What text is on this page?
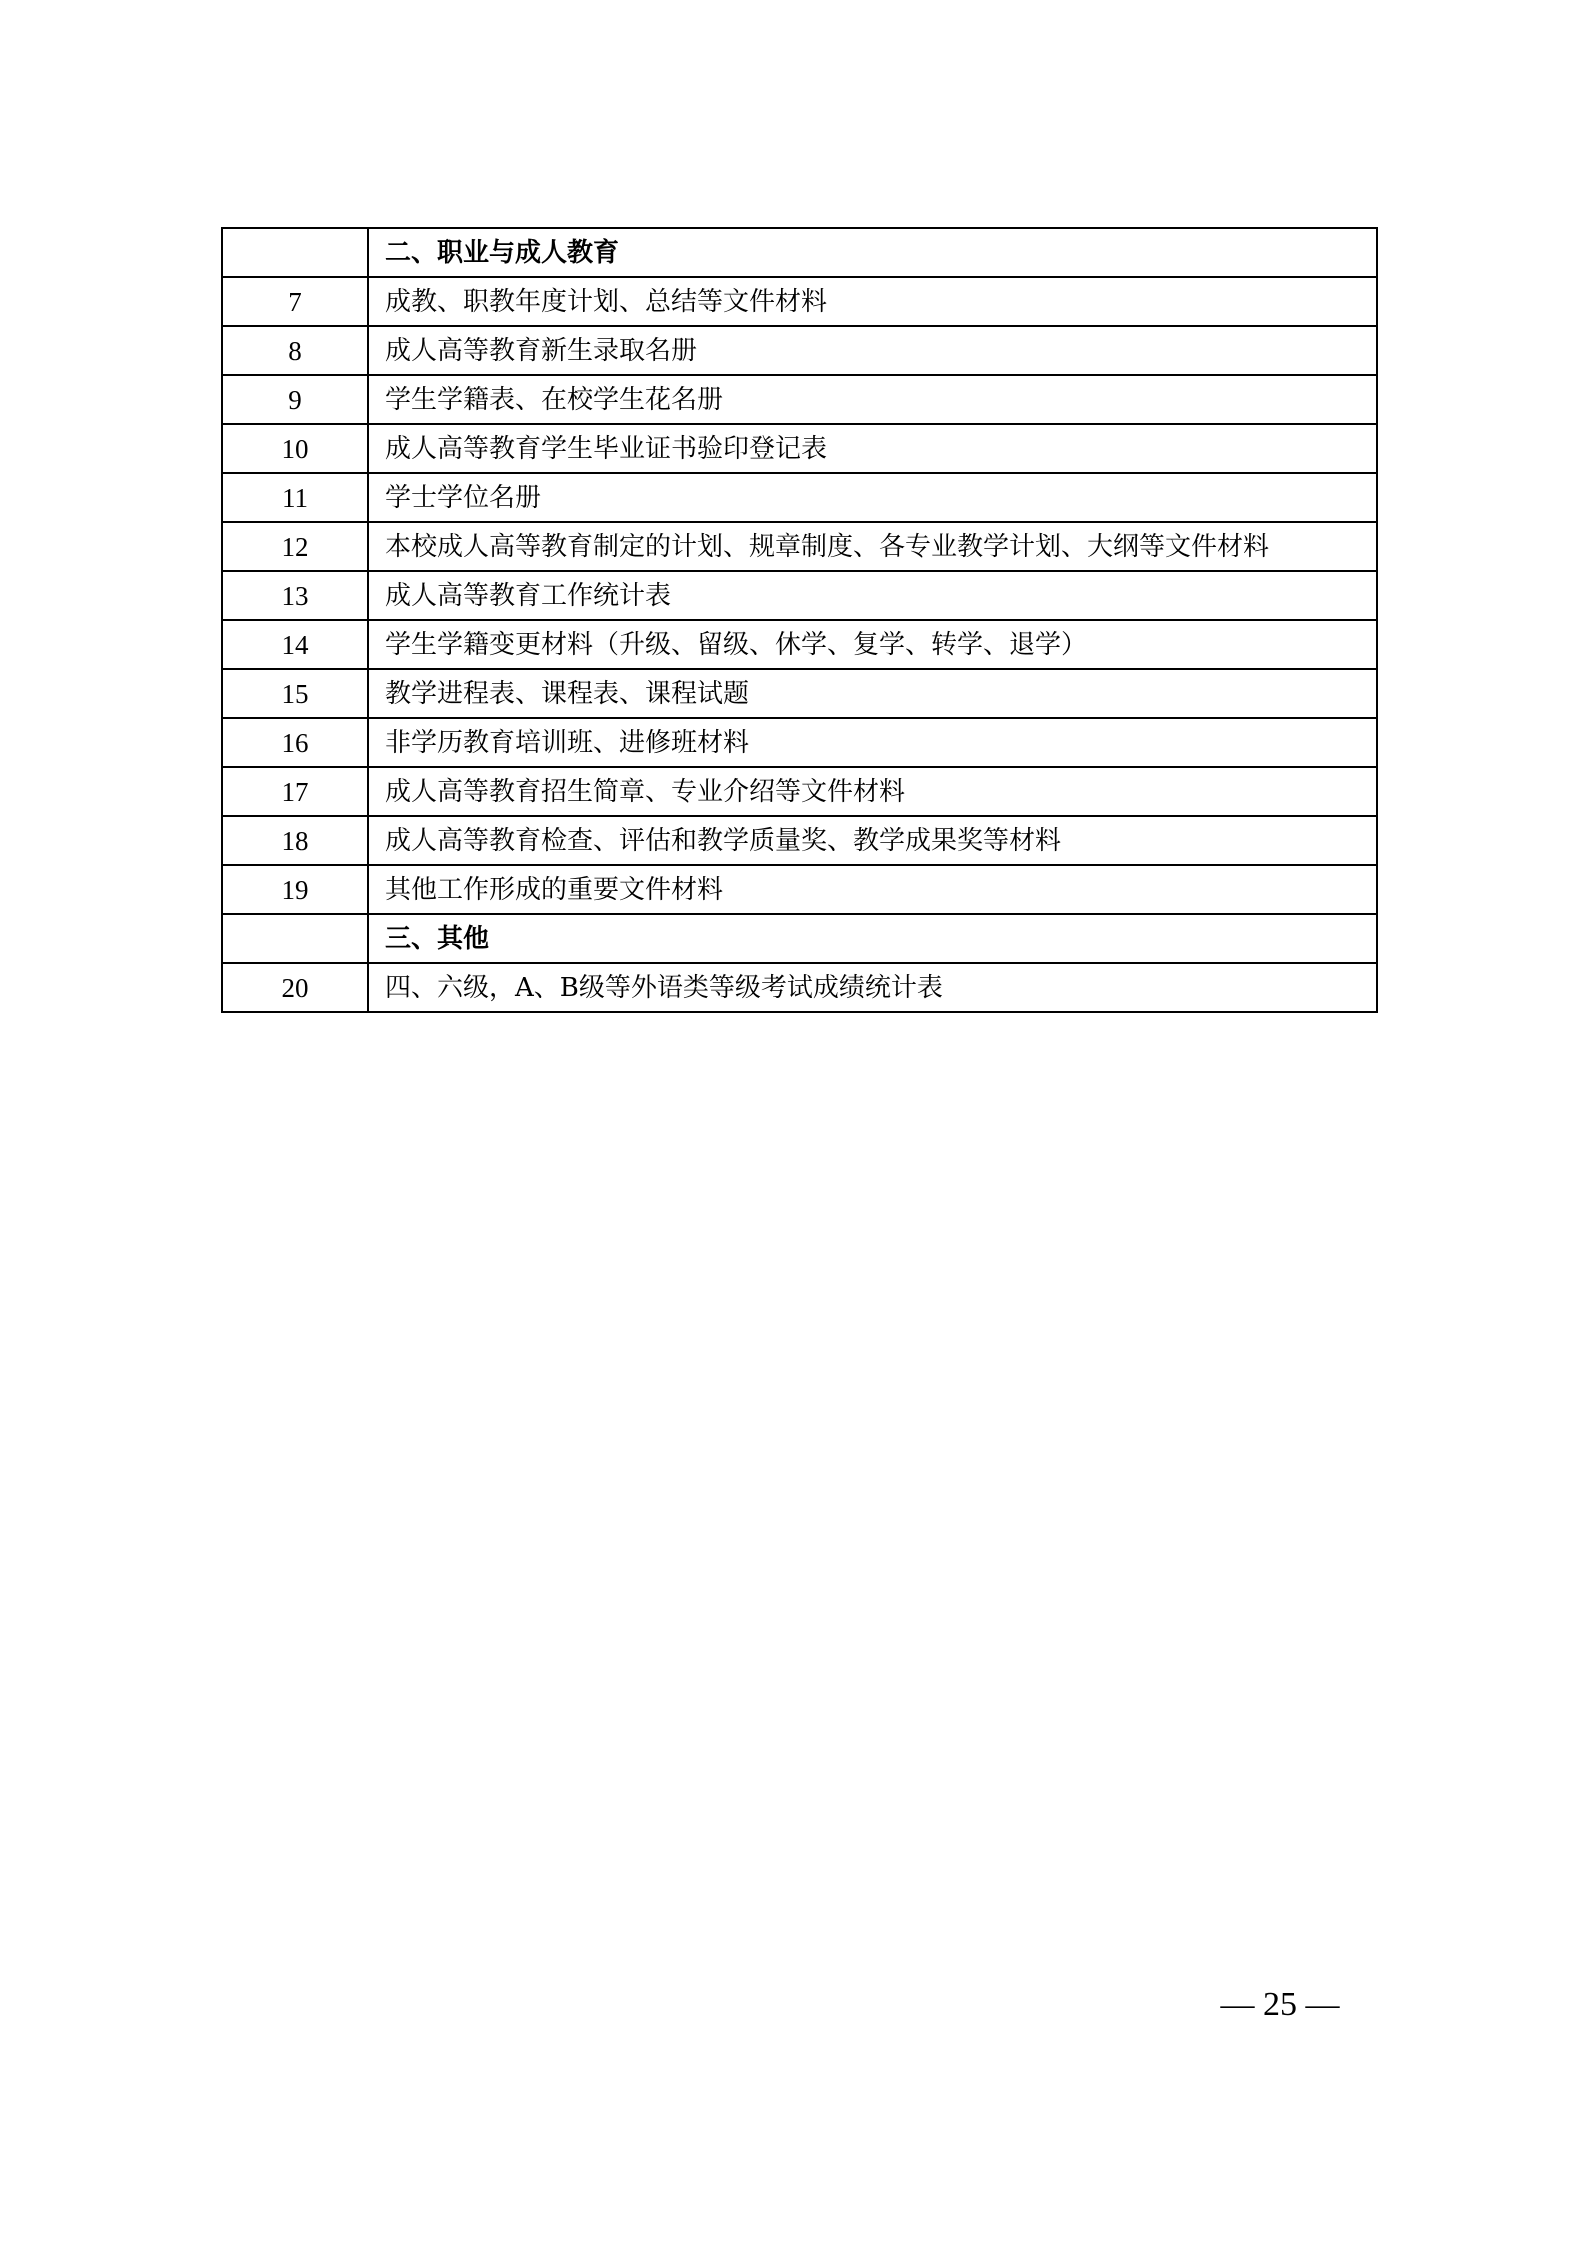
	二、职业与成人教育
7	成教、职教年度计划、总结等文件材料
8	成人高等教育新生录取名册
9	学生学籍表、在校学生花名册
10	成人高等教育学生毕业证书验印登记表
11	学士学位名册
12	本校成人高等教育制定的计划、规章制度、各专业教学计划、大纲等文件材料
13	成人高等教育工作统计表
14	学生学籍变更材料（升级、留级、休学、复学、转学、退学）
15	教学进程表、课程表、课程试题
16	非学历教育培训班、进修班材料
17	成人高等教育招生简章、专业介绍等文件材料
18	成人高等教育检查、评估和教学质量奖、教学成果奖等材料
19	其他工作形成的重要文件材料
	三、其他
20	四、六级，A、B级等外语类等级考试成绩统计表
— 25 —
